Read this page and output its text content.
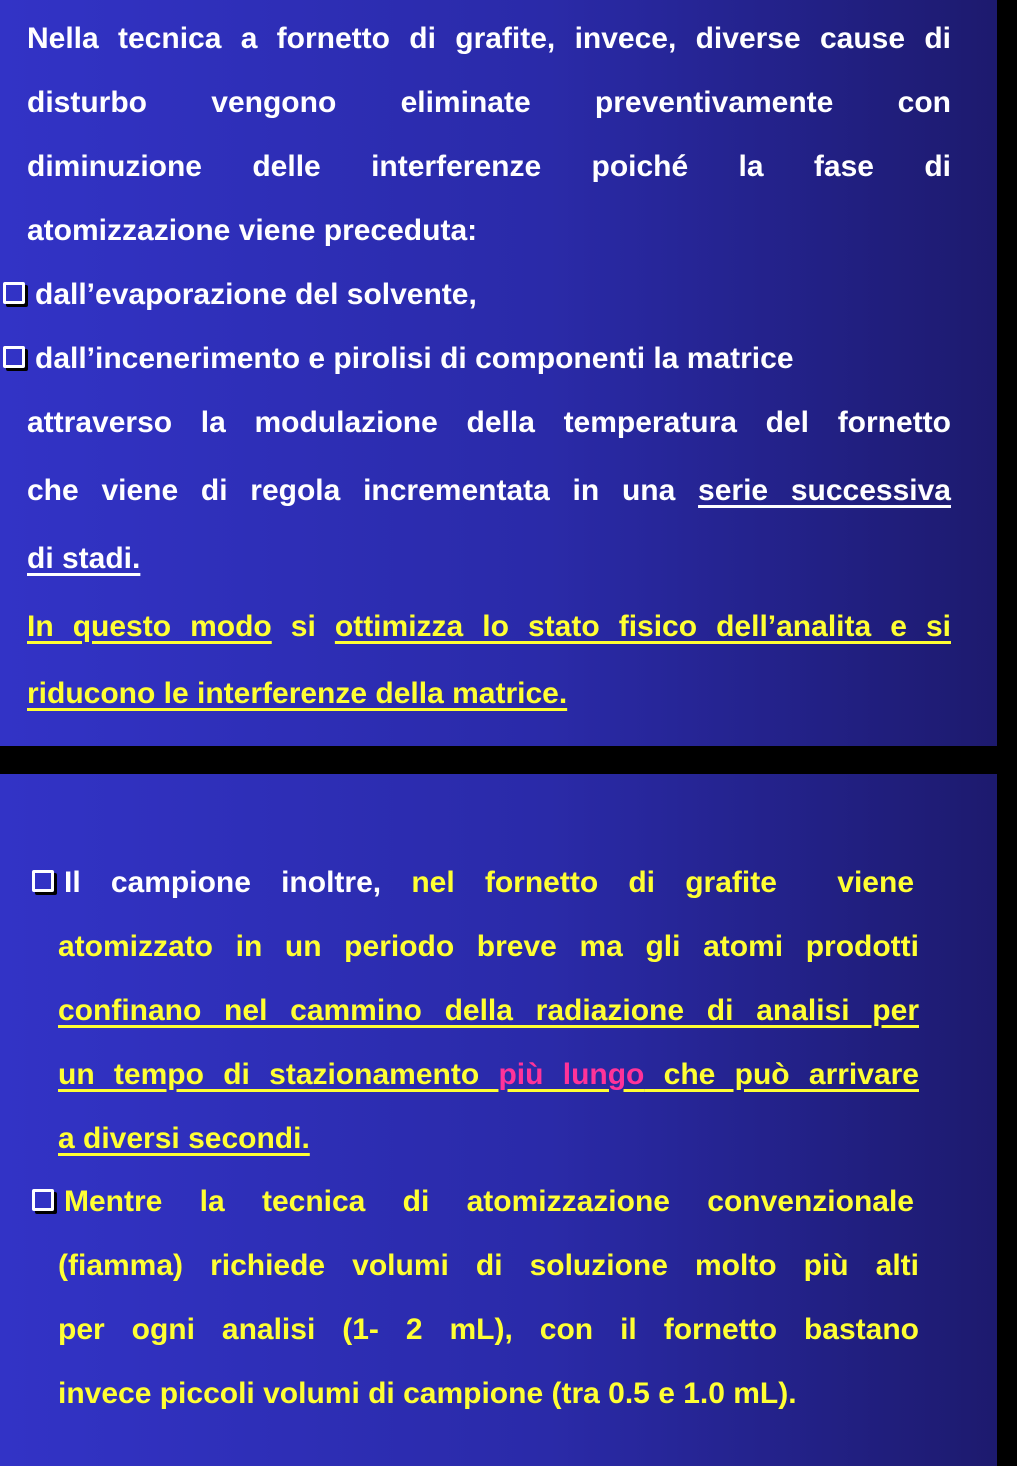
Nella tecnica a fornetto di grafite, invece, diverse cause di
disturbo vengono eliminate preventivamente con
diminuzione delle interferenze poiché la fase di
atomizzazione viene preceduta:
dall’evaporazione del solvente,
dall’incenerimento e pirolisi di componenti la matrice
attraverso la modulazione della temperatura del fornetto
che viene di regola incrementata in una serie successiva
di stadi.
In questo modo si ottimizza lo stato fisico dell’analita e si
riducono le interferenze della matrice.
Il campione inoltre, nel fornetto di grafite  viene
atomizzato in un periodo breve ma gli atomi prodotti
confinano nel cammino della radiazione di analisi per
un tempo di stazionamento più lungo che può arrivare
a diversi secondi.
Mentre la tecnica di atomizzazione convenzionale
(fiamma) richiede volumi di soluzione molto più alti
per ogni analisi (1- 2 mL), con il fornetto bastano
invece piccoli volumi di campione (tra 0.5 e 1.0 mL).
